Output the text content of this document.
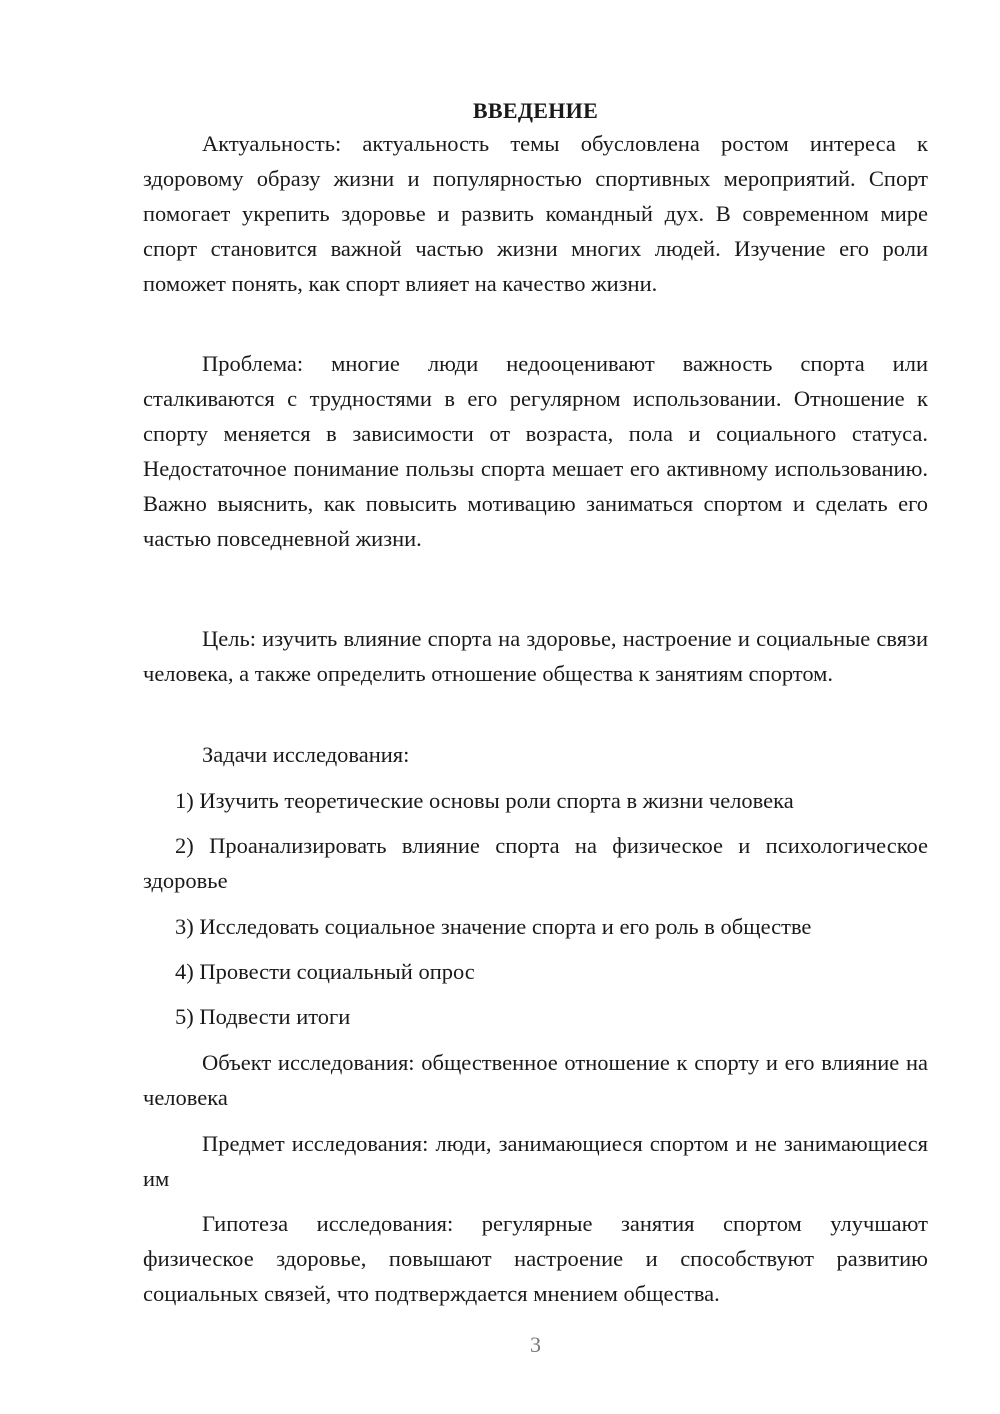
ВВЕДЕНИЕ

Актуальность: актуальность темы обусловлена ростом интереса к здоровому образу жизни и популярностью спортивных мероприятий. Спорт помогает укрепить здоровье и развить командный дух. В современном мире спорт становится важной частью жизни многих людей. Изучение его роли поможет понять, как спорт влияет на качество жизни.

Проблема: многие люди недооценивают важность спорта или сталкиваются с трудностями в его регулярном использовании. Отношение к спорту меняется в зависимости от возраста, пола и социального статуса. Недостаточное понимание пользы спорта мешает его активному использованию. Важно выяснить, как повысить мотивацию заниматься спортом и сделать его частью повседневной жизни.

Цель: изучить влияние спорта на здоровье, настроение и социальные связи человека, а также определить отношение общества к занятиям спортом.

Задачи исследования:

1) Изучить теоретические основы роли спорта в жизни человека

2) Проанализировать влияние спорта на физическое и психологическое здоровье

3) Исследовать социальное значение спорта и его роль в обществе

4) Провести социальный опрос

5) Подвести итоги

Объект исследования: общественное отношение к спорту и его влияние на человека

Предмет исследования: люди, занимающиеся спортом и не занимающиеся им

Гипотеза исследования: регулярные занятия спортом улучшают физическое здоровье, повышают настроение и способствуют развитию социальных связей, что подтверждается мнением общества.

3
